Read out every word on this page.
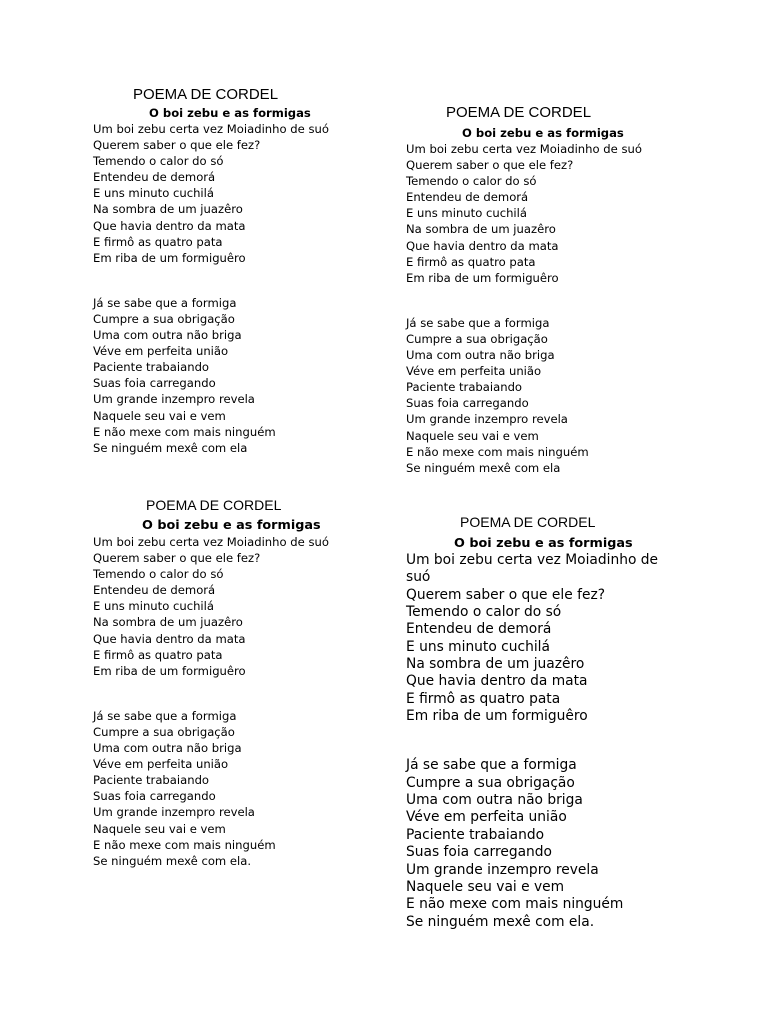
POEMA DE CORDEL
O boi zebu e as formigas
Um boi zebu certa vez Moiadinho de suó
Querem saber o que ele fez?
Temendo o calor do só
Entendeu de demorá
E uns minuto cuchilá
Na sombra de um juazêro
Que havia dentro da mata
E firmô as quatro pata
Em riba de um formiguêro
Já se sabe que a formiga
Cumpre a sua obrigação
Uma com outra não briga
Véve em perfeita união
Paciente trabaiando
Suas foia carregando
Um grande inzempro revela
Naquele seu vai e vem
E não mexe com mais ninguém
Se ninguém mexê com ela
POEMA DE CORDEL
O boi zebu e as formigas
Um boi zebu certa vez Moiadinho de suó
Querem saber o que ele fez?
Temendo o calor do só
Entendeu de demorá
E uns minuto cuchilá
Na sombra de um juazêro
Que havia dentro da mata
E firmô as quatro pata
Em riba de um formiguêro
Já se sabe que a formiga
Cumpre a sua obrigação
Uma com outra não briga
Véve em perfeita união
Paciente trabaiando
Suas foia carregando
Um grande inzempro revela
Naquele seu vai e vem
E não mexe com mais ninguém
Se ninguém mexê com ela
POEMA DE CORDEL
O boi zebu e as formigas
Um boi zebu certa vez Moiadinho de suó
Querem saber o que ele fez?
Temendo o calor do só
Entendeu de demorá
E uns minuto cuchilá
Na sombra de um juazêro
Que havia dentro da mata
E firmô as quatro pata
Em riba de um formiguêro
Já se sabe que a formiga
Cumpre a sua obrigação
Uma com outra não briga
Véve em perfeita união
Paciente trabaiando
Suas foia carregando
Um grande inzempro revela
Naquele seu vai e vem
E não mexe com mais ninguém
Se ninguém mexê com ela.
POEMA DE CORDEL
O boi zebu e as formigas
Um boi zebu certa vez Moiadinho de
suó
Querem saber o que ele fez?
Temendo o calor do só
Entendeu de demorá
E uns minuto cuchilá
Na sombra de um juazêro
Que havia dentro da mata
E firmô as quatro pata
Em riba de um formiguêro
Já se sabe que a formiga
Cumpre a sua obrigação
Uma com outra não briga
Véve em perfeita união
Paciente trabaiando
Suas foia carregando
Um grande inzempro revela
Naquele seu vai e vem
E não mexe com mais ninguém
Se ninguém mexê com ela.
